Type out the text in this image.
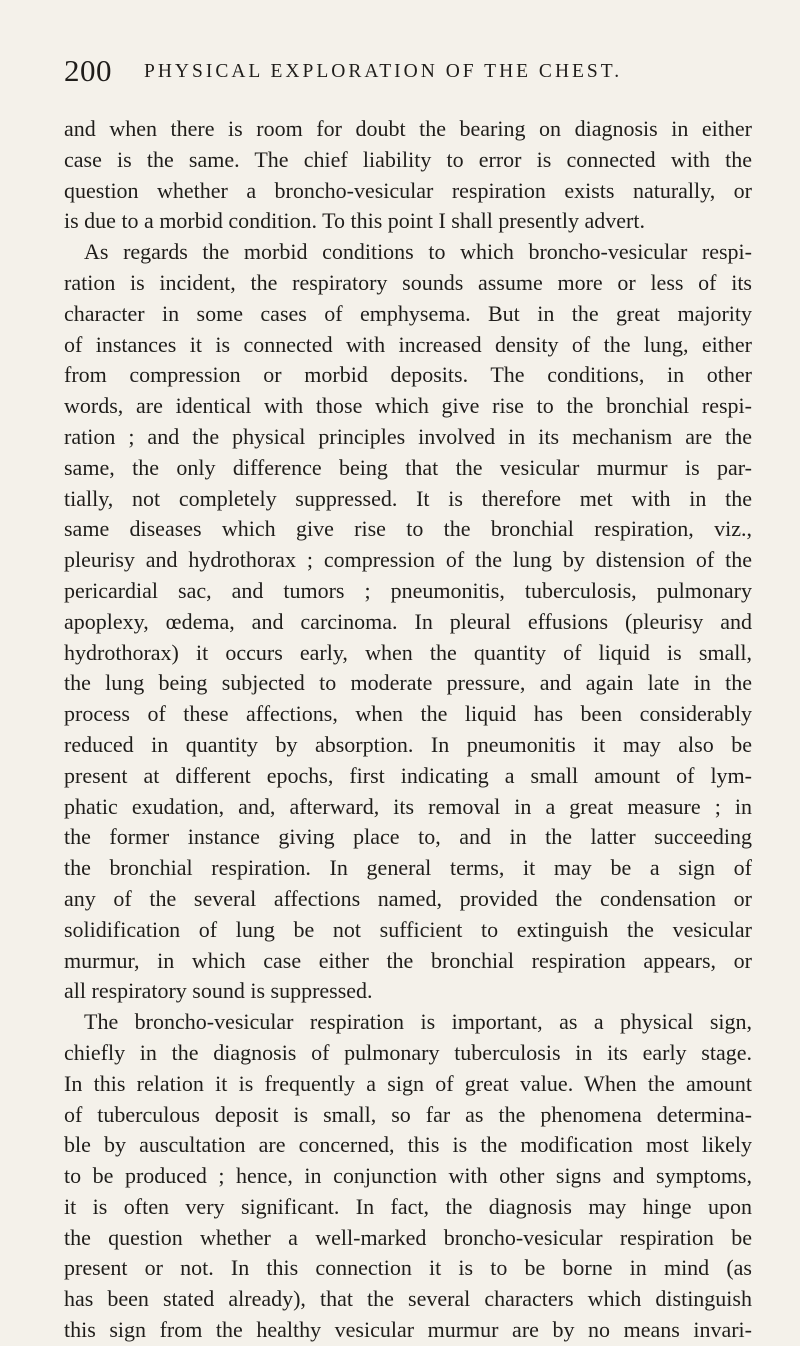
200 PHYSICAL EXPLORATION OF THE CHEST.
and when there is room for doubt the bearing on diagnosis in either
case is the same. The chief liability to error is connected with the
question whether a broncho-vesicular respiration exists naturally, or
is due to a morbid condition. To this point I shall presently advert.
As regards the morbid conditions to which broncho-vesicular respi-
ration is incident, the respiratory sounds assume more or less of its
character in some cases of emphysema. But in the great majority
of instances it is connected with increased density of the lung, either
from compression or morbid deposits. The conditions, in other
words, are identical with those which give rise to the bronchial respi-
ration ; and the physical principles involved in its mechanism are the
same, the only difference being that the vesicular murmur is par-
tially, not completely suppressed. It is therefore met with in the
same diseases which give rise to the bronchial respiration, viz.,
pleurisy and hydrothorax ; compression of the lung by distension of the
pericardial sac, and tumors ; pneumonitis, tuberculosis, pulmonary
apoplexy, œdema, and carcinoma. In pleural effusions (pleurisy and
hydrothorax) it occurs early, when the quantity of liquid is small,
the lung being subjected to moderate pressure, and again late in the
process of these affections, when the liquid has been considerably
reduced in quantity by absorption. In pneumonitis it may also be
present at different epochs, first indicating a small amount of lym-
phatic exudation, and, afterward, its removal in a great measure ; in
the former instance giving place to, and in the latter succeeding
the bronchial respiration. In general terms, it may be a sign of
any of the several affections named, provided the condensation or
solidification of lung be not sufficient to extinguish the vesicular
murmur, in which case either the bronchial respiration appears, or
all respiratory sound is suppressed.
The broncho-vesicular respiration is important, as a physical sign,
chiefly in the diagnosis of pulmonary tuberculosis in its early stage.
In this relation it is frequently a sign of great value. When the amount
of tuberculous deposit is small, so far as the phenomena determina-
ble by auscultation are concerned, this is the modification most likely
to be produced ; hence, in conjunction with other signs and symptoms,
it is often very significant. In fact, the diagnosis may hinge upon
the question whether a well-marked broncho-vesicular respiration be
present or not. In this connection it is to be borne in mind (as
has been stated already), that the several characters which distinguish
this sign from the healthy vesicular murmur are by no means invari-
